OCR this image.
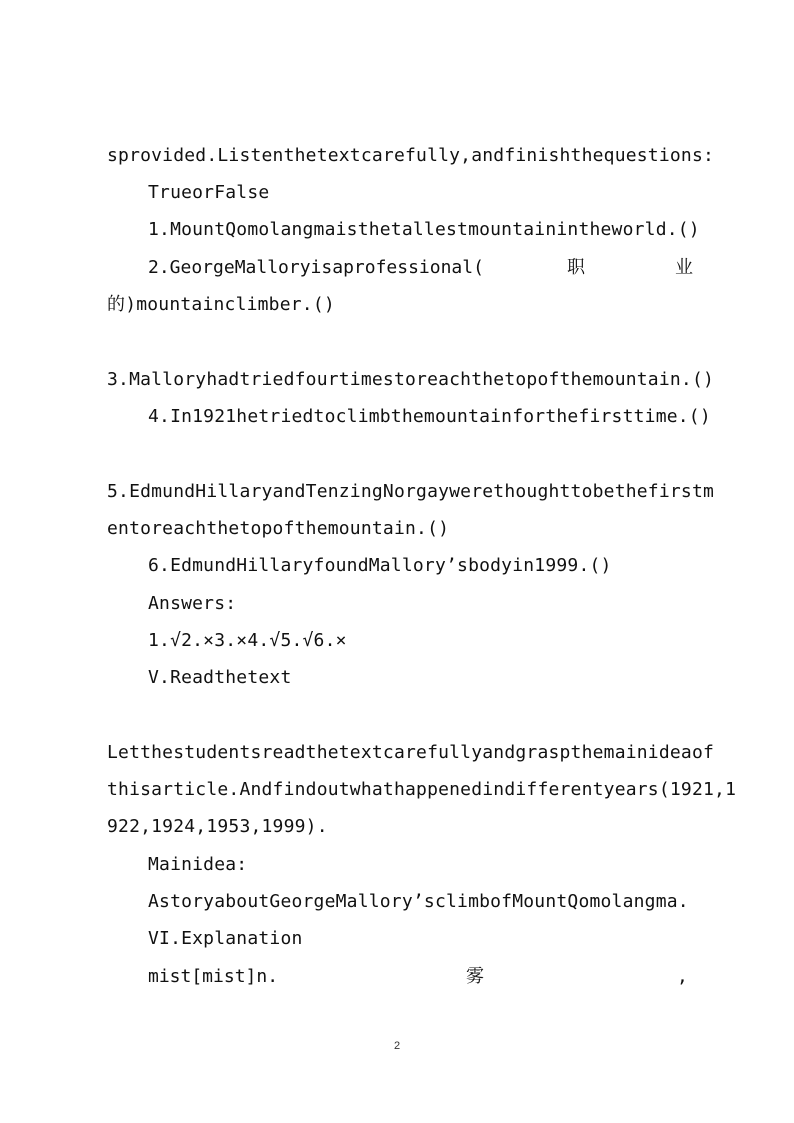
sprovided.Listenthetextcarefully,andfinishthequestions:
TrueorFalse
1.MountQomolangmaisthetallestmountainintheworld.()
2.GeorgeMalloryisaprofessional(	职	业
的)mountainclimber.()
3.Malloryhadtriedfourtimestoreachthetopofthemountain.()
4.In1921hetriedtoclimbthemountainforthefirsttime.()
5.EdmundHillaryandTenzingNorgaywerethoughttobethefirstm
entoreachthetopofthemountain.()
6.EdmundHillaryfoundMallory’sbodyin1999.()
Answers:
1.√2.×3.×4.√5.√6.×
V.Readthetext
Letthestudentsreadthetextcarefullyandgraspthemainideaof
thisarticle.Andfindoutwhathappenedindifferentyears(1921,1
922,1924,1953,1999).
Mainidea:
AstoryaboutGeorgeMallory’sclimbofMountQomolangma.
VI.Explanation
mist[mist]n.	雾	,
2
